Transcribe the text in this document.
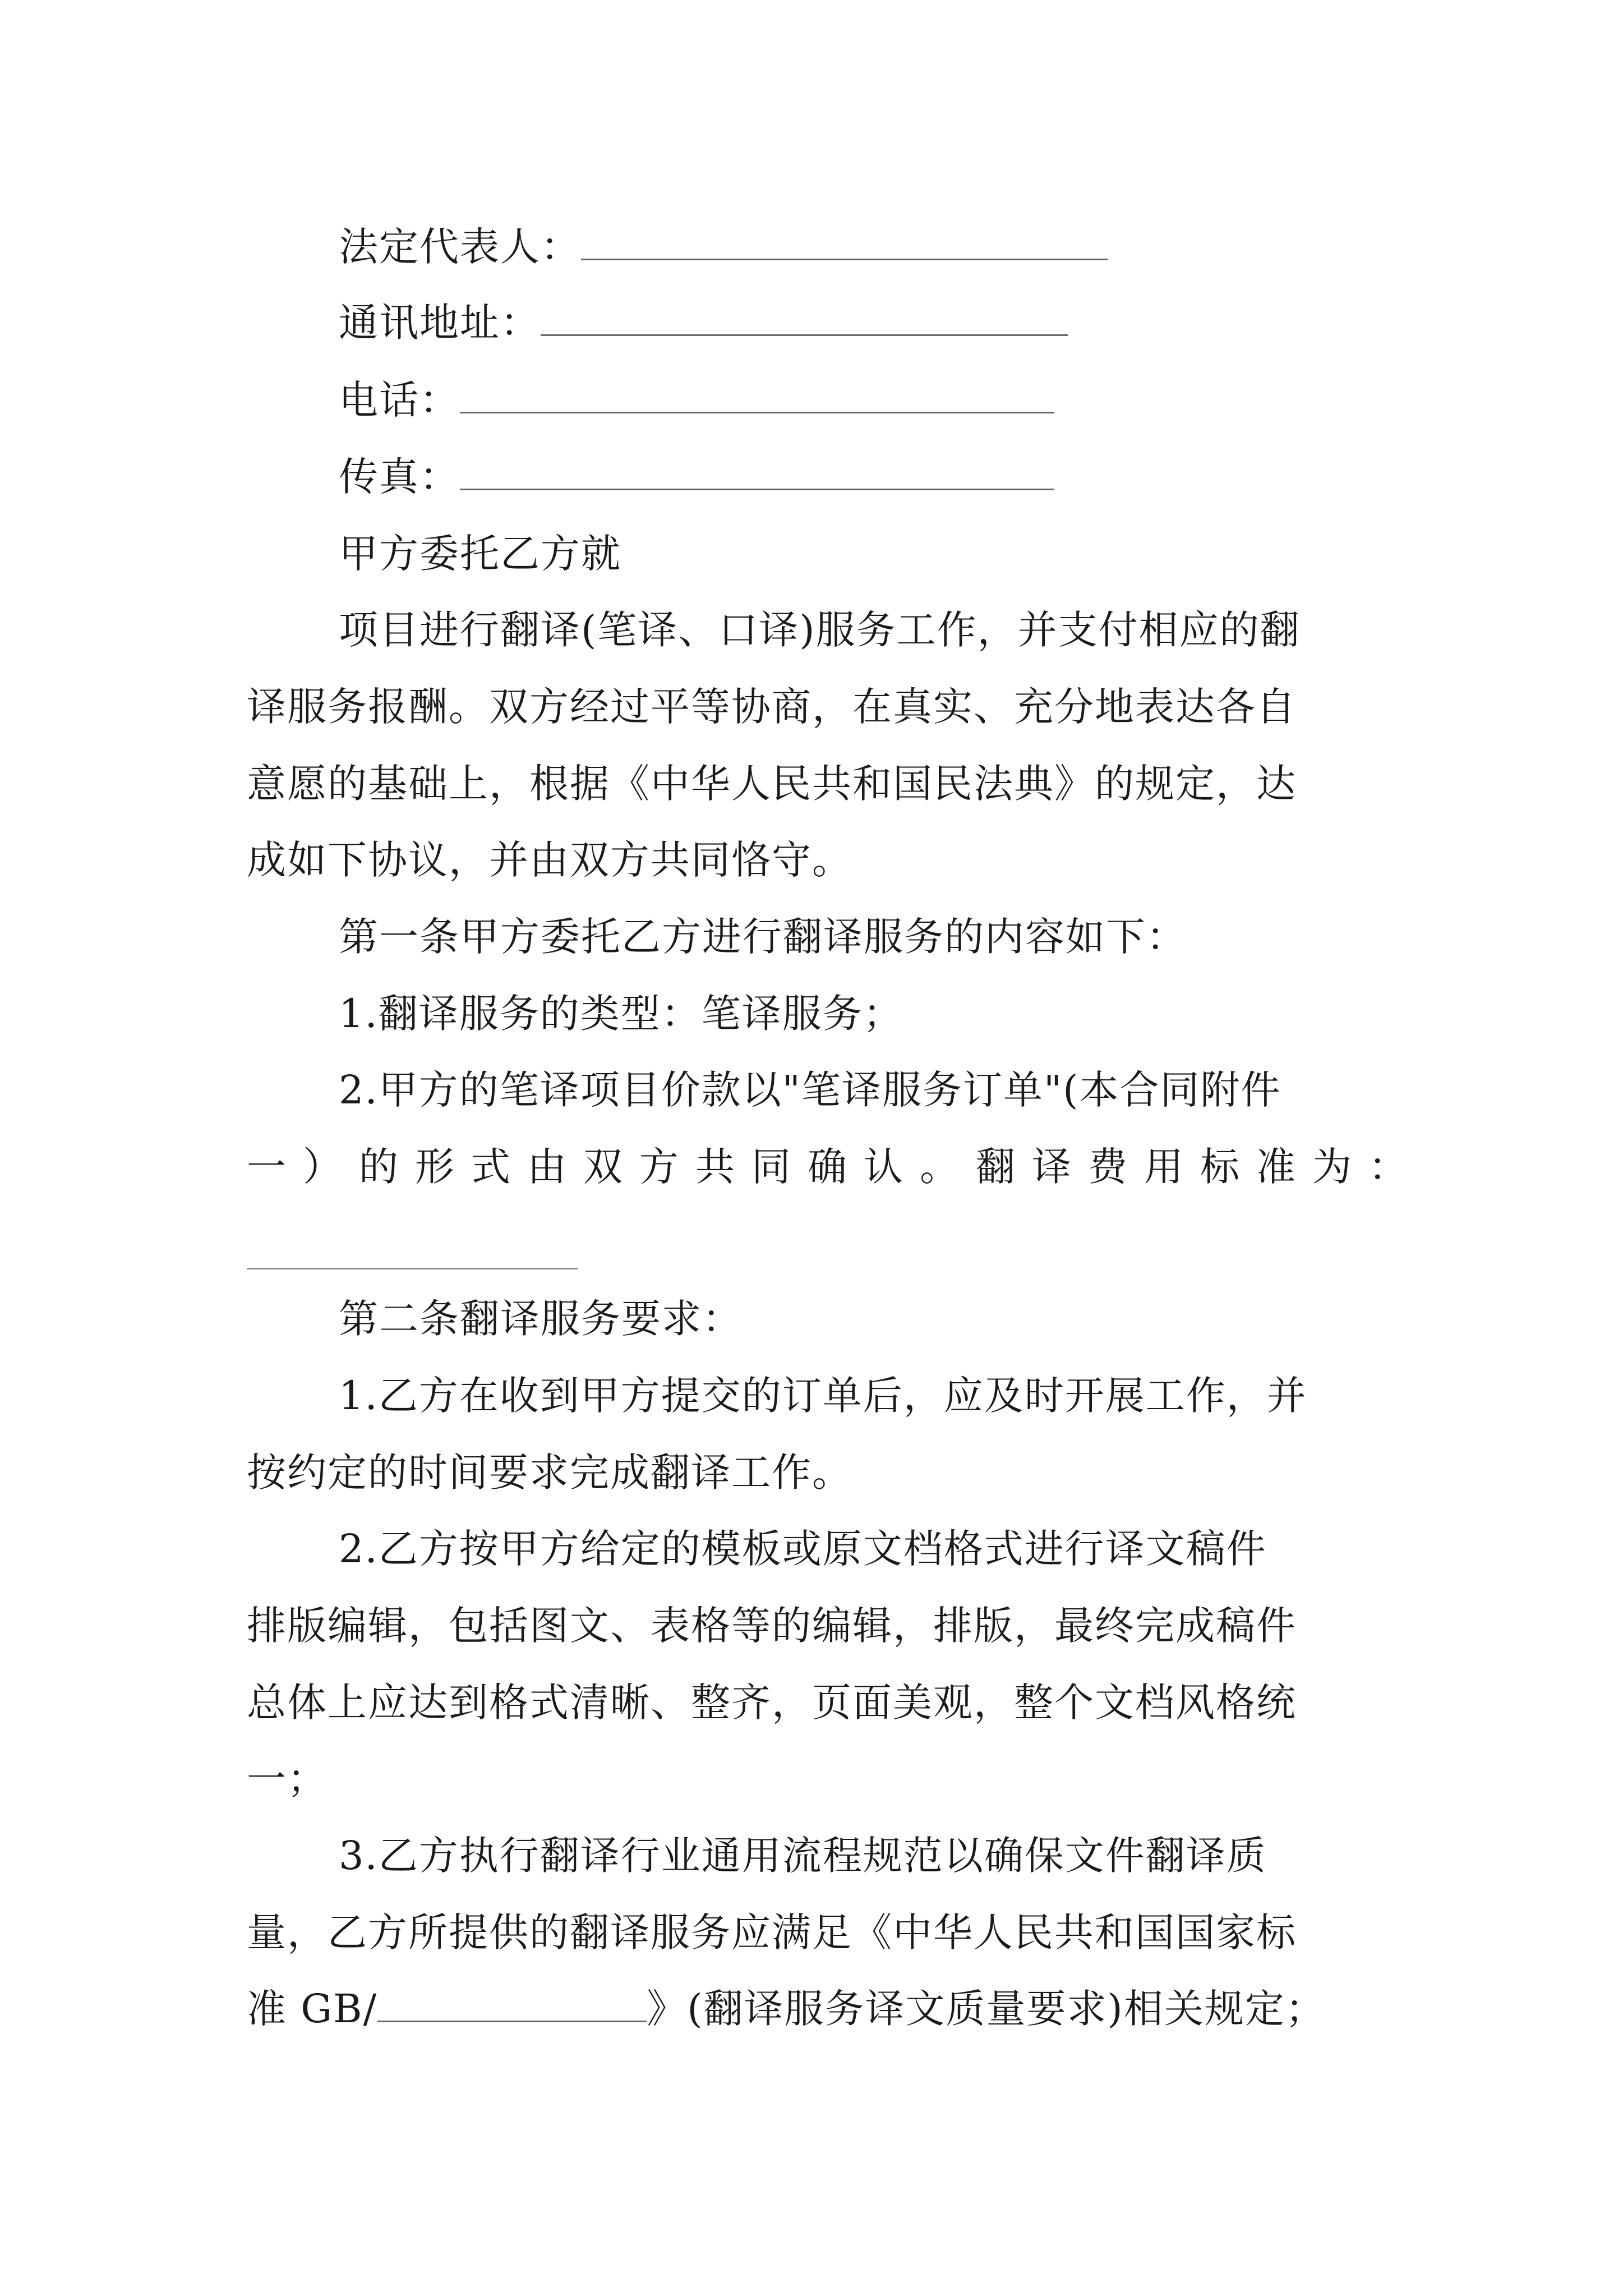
法定代表人：
通讯地址：
电话：
传真：
甲方委托乙方就
项目进行翻译(笔译、口译)服务工作，并支付相应的翻
译服务报酬。双方经过平等协商，在真实、充分地表达各自
意愿的基础上，根据《中华人民共和国民法典》的规定，达
成如下协议，并由双方共同恪守。
第一条甲方委托乙方进行翻译服务的内容如下：
1.翻译服务的类型：笔译服务；
2.甲方的笔译项目价款以"笔译服务订单"(本合同附件
一）的形式由双方共同确认。翻译费用标准为：
第二条翻译服务要求：
1.乙方在收到甲方提交的订单后，应及时开展工作，并
按约定的时间要求完成翻译工作。
2.乙方按甲方给定的模板或原文档格式进行译文稿件
排版编辑，包括图文、表格等的编辑，排版，最终完成稿件
总体上应达到格式清晰、整齐，页面美观，整个文档风格统
一；
3.乙方执行翻译行业通用流程规范以确保文件翻译质
量，乙方所提供的翻译服务应满足《中华人民共和国国家标
准 GB/	》(翻译服务译文质量要求)相关规定；
